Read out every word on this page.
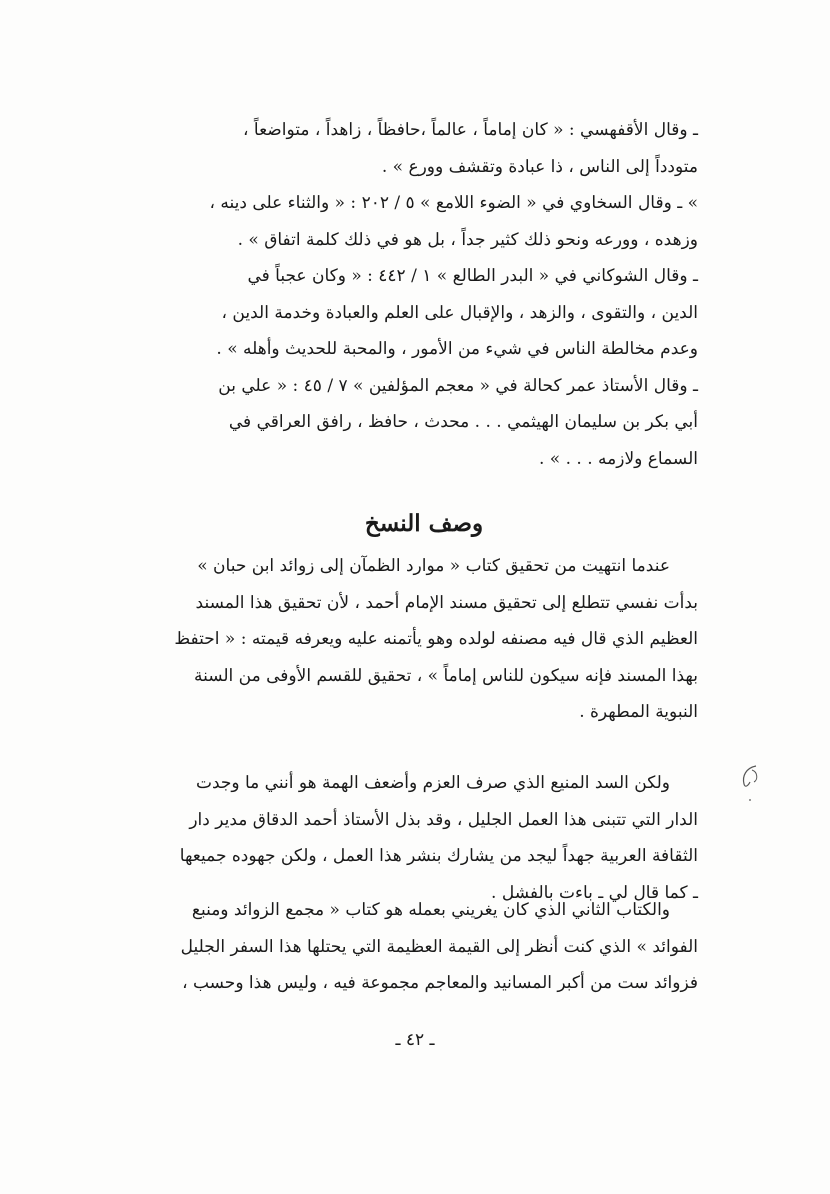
ـ وقال الأقفهسي : « كان إماماً ، عالماً ،حافظاً ، زاهداً ، متواضعاً ،

متودداً إلى الناس ، ذا عبادة وتقشف وورع » .

» ـ وقال السخاوي في « الضوء اللامع » ٥ / ٢٠٢ : « والثناء على دينه ،

وزهده ، وورعه ونحو ذلك كثير جداً ، بل هو في ذلك كلمة اتفاق » .

ـ وقال الشوكاني في « البدر الطالع » ١ / ٤٤٢ : « وكان عجباً في

الدين ، والتقوى ، والزهد ، والإقبال على العلم والعبادة وخدمة الدين ،

وعدم مخالطة الناس في شيء من الأمور ، والمحبة للحديث وأهله » .

ـ وقال الأستاذ عمر كحالة في « معجم المؤلفين » ٧ / ٤٥ : « علي بن

أبي بكر بن سليمان الهيثمي . . . محدث ، حافظ ، رافق العراقي في

السماع ولازمه . . . » .

وصف النسخ

عندما انتهيت من تحقيق كتاب « موارد الظمآن إلى زوائد ابن حبان »

بدأت نفسي تتطلع إلى تحقيق مسند الإمام أحمد ، لأن تحقيق هذا المسند

العظيم الذي قال فيه مصنفه لولده وهو يأتمنه عليه ويعرفه قيمته : « احتفظ

بهذا المسند فإنه سيكون للناس إماماً » ، تحقيق للقسم الأوفى من السنة

النبوية المطهرة .

ولكن السد المنيع الذي صرف العزم وأضعف الهمة هو أنني ما وجدت

الدار التي تتبنى هذا العمل الجليل ، وقد بذل الأستاذ أحمد الدقاق مدير دار

الثقافة العربية جهداً ليجد من يشارك بنشر هذا العمل ، ولكن جهوده جميعها

ـ كما قال لي ـ باءت بالفشل .

والكتاب الثاني الذي كان يغريني بعمله هو كتاب « مجمع الزوائد ومنبع

الفوائد » الذي كنت أنظر إلى القيمة العظيمة التي يحتلها هذا السفر الجليل

فزوائد ست من أكبر المسانيد والمعاجم مجموعة فيه ، وليس هذا وحسب ،

ـ ٤٢ ـ
